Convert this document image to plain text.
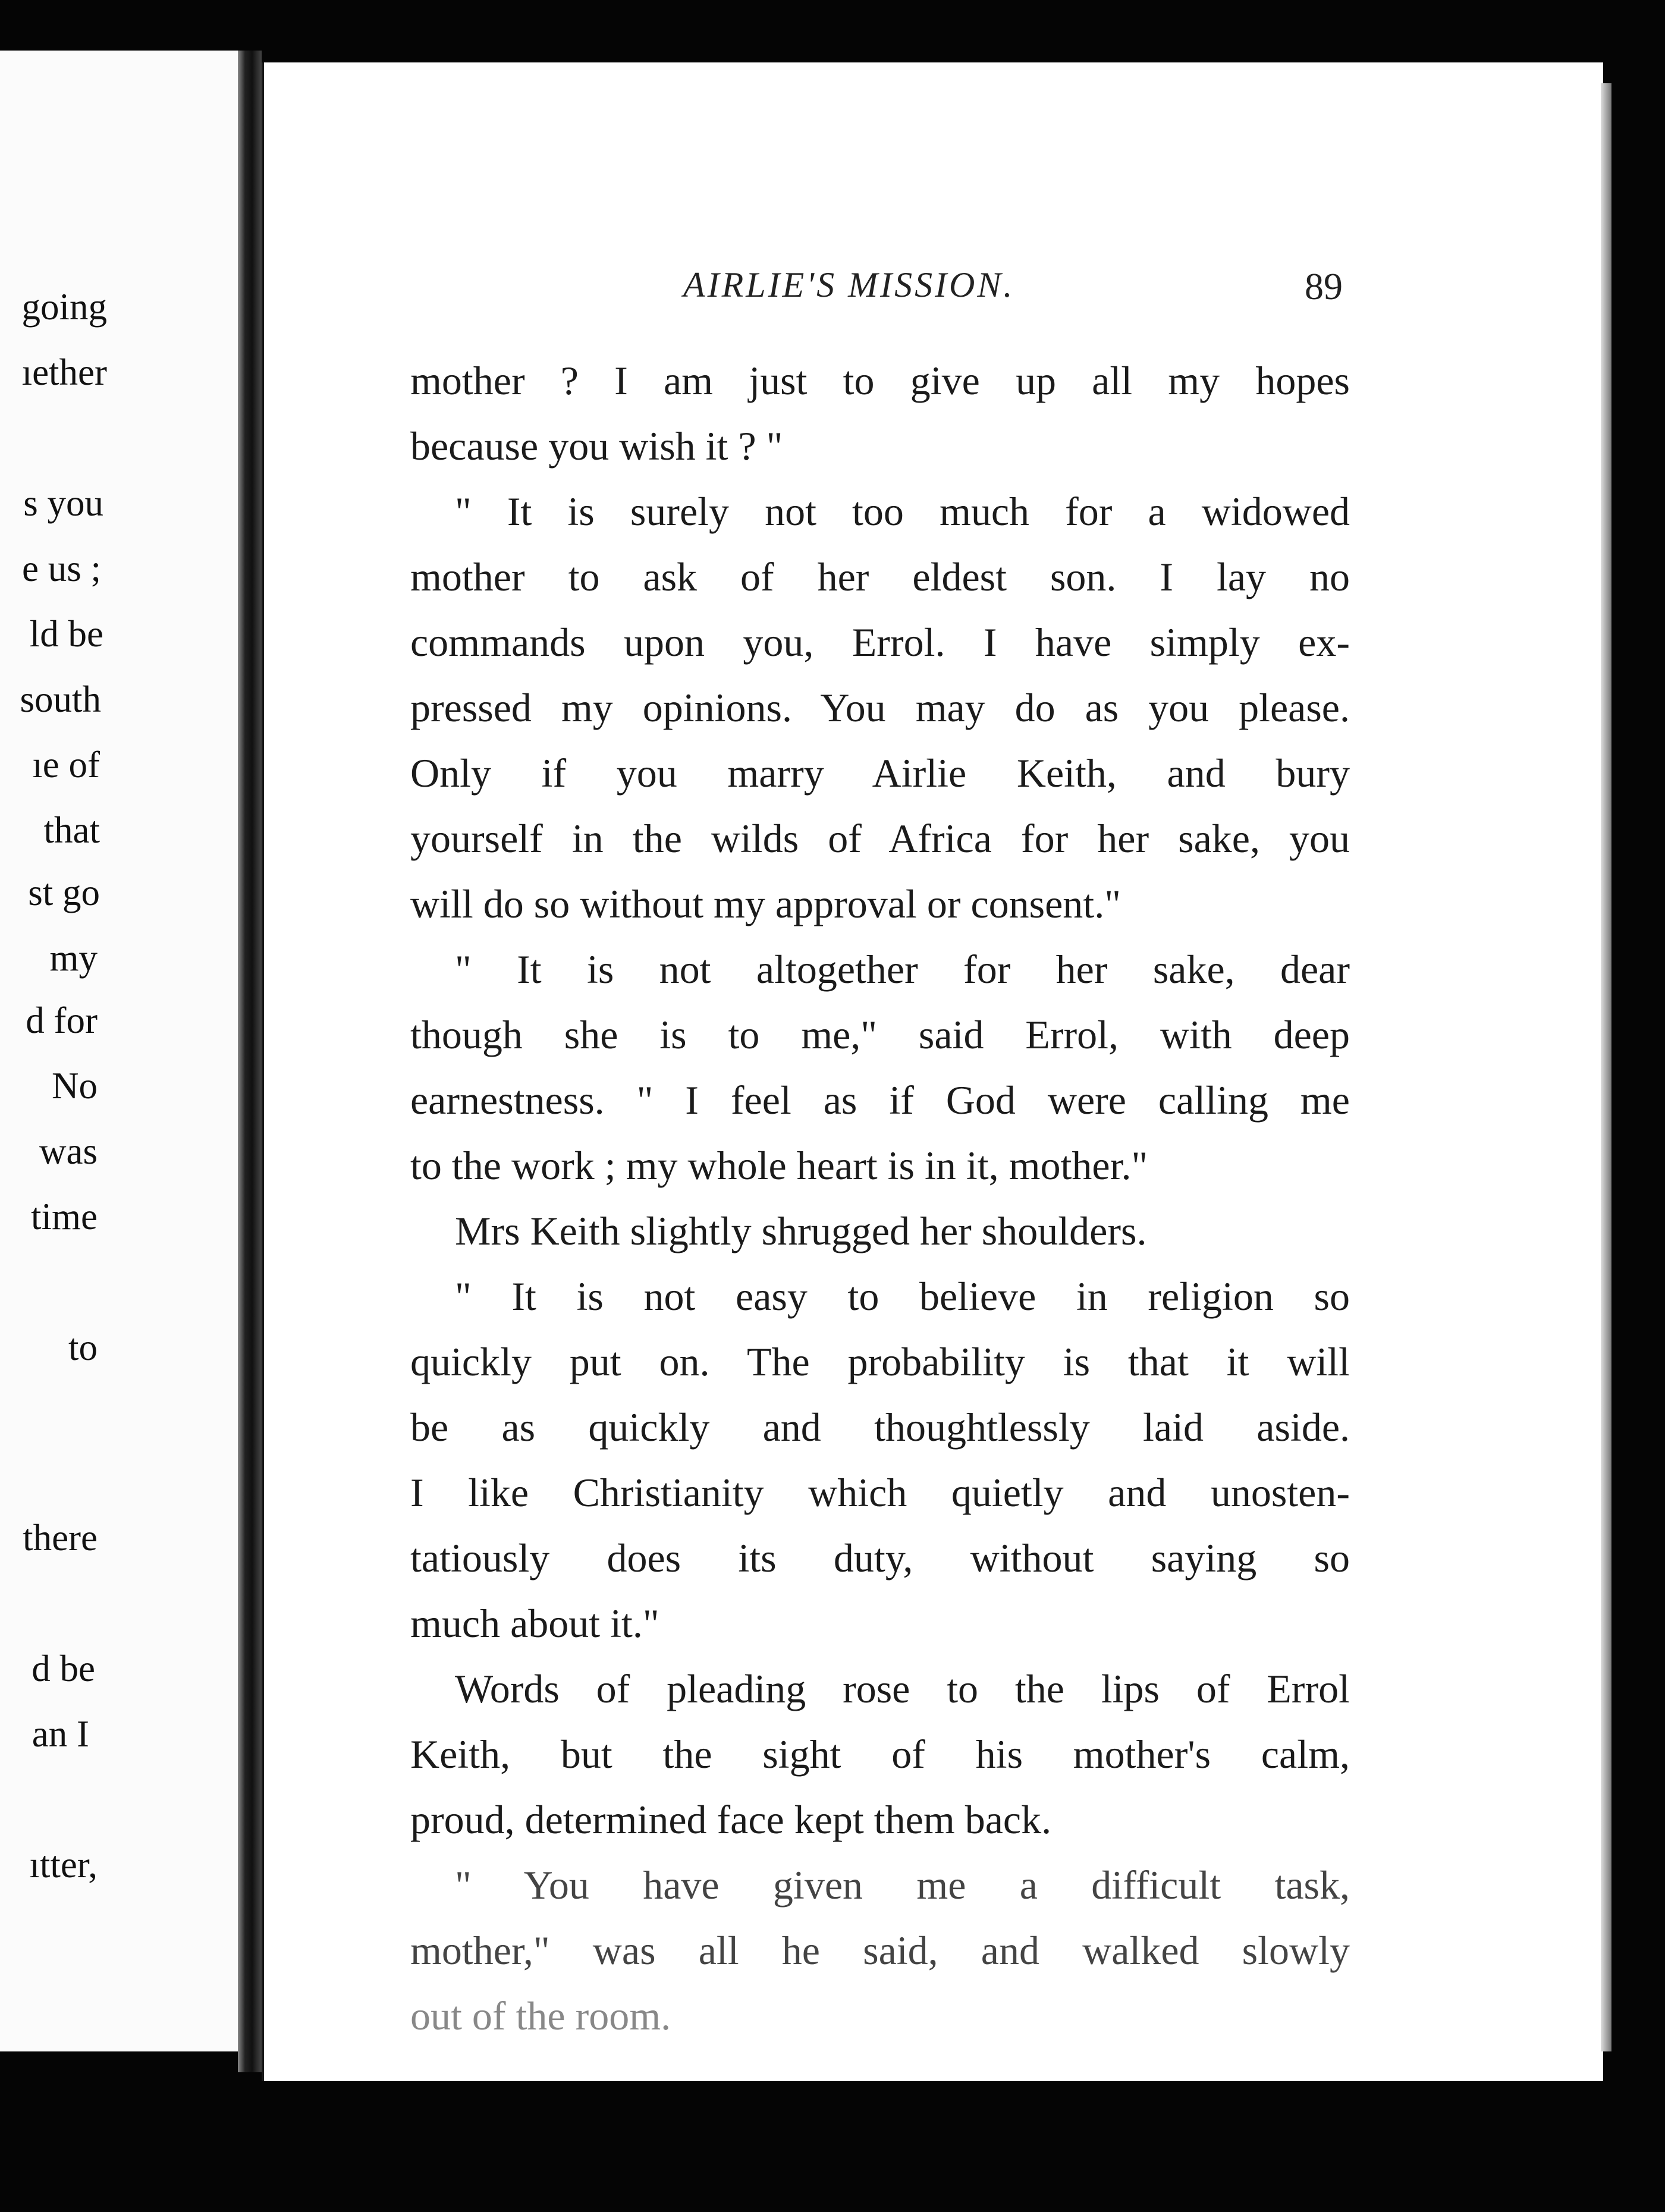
going
ıether
s you
e us ;
ld be
south
ıe of
that
st go
my
d for
No
was
time
to
there
d be
an I
ıtter,
AIRLIE'S MISSION.	89
mother ? I am just to give up all my hopes
because you wish it ? "
" It is surely not too much for a widowed
mother to ask of her eldest son. I lay no
commands upon you, Errol. I have simply ex-
pressed my opinions. You may do as you please.
Only if you marry Airlie Keith, and bury
yourself in the wilds of Africa for her sake, you
will do so without my approval or consent."
" It is not altogether for her sake, dear
though she is to me," said Errol, with deep
earnestness. " I feel as if God were calling me
to the work ; my whole heart is in it, mother."
Mrs Keith slightly shrugged her shoulders.
" It is not easy to believe in religion so
quickly put on. The probability is that it will
be as quickly and thoughtlessly laid aside.
I like Christianity which quietly and unosten-
tatiously does its duty, without saying so
much about it."
Words of pleading rose to the lips of Errol
Keith, but the sight of his mother's calm,
proud, determined face kept them back.
" You have given me a difficult task,
mother," was all he said, and walked slowly
out of the room.
